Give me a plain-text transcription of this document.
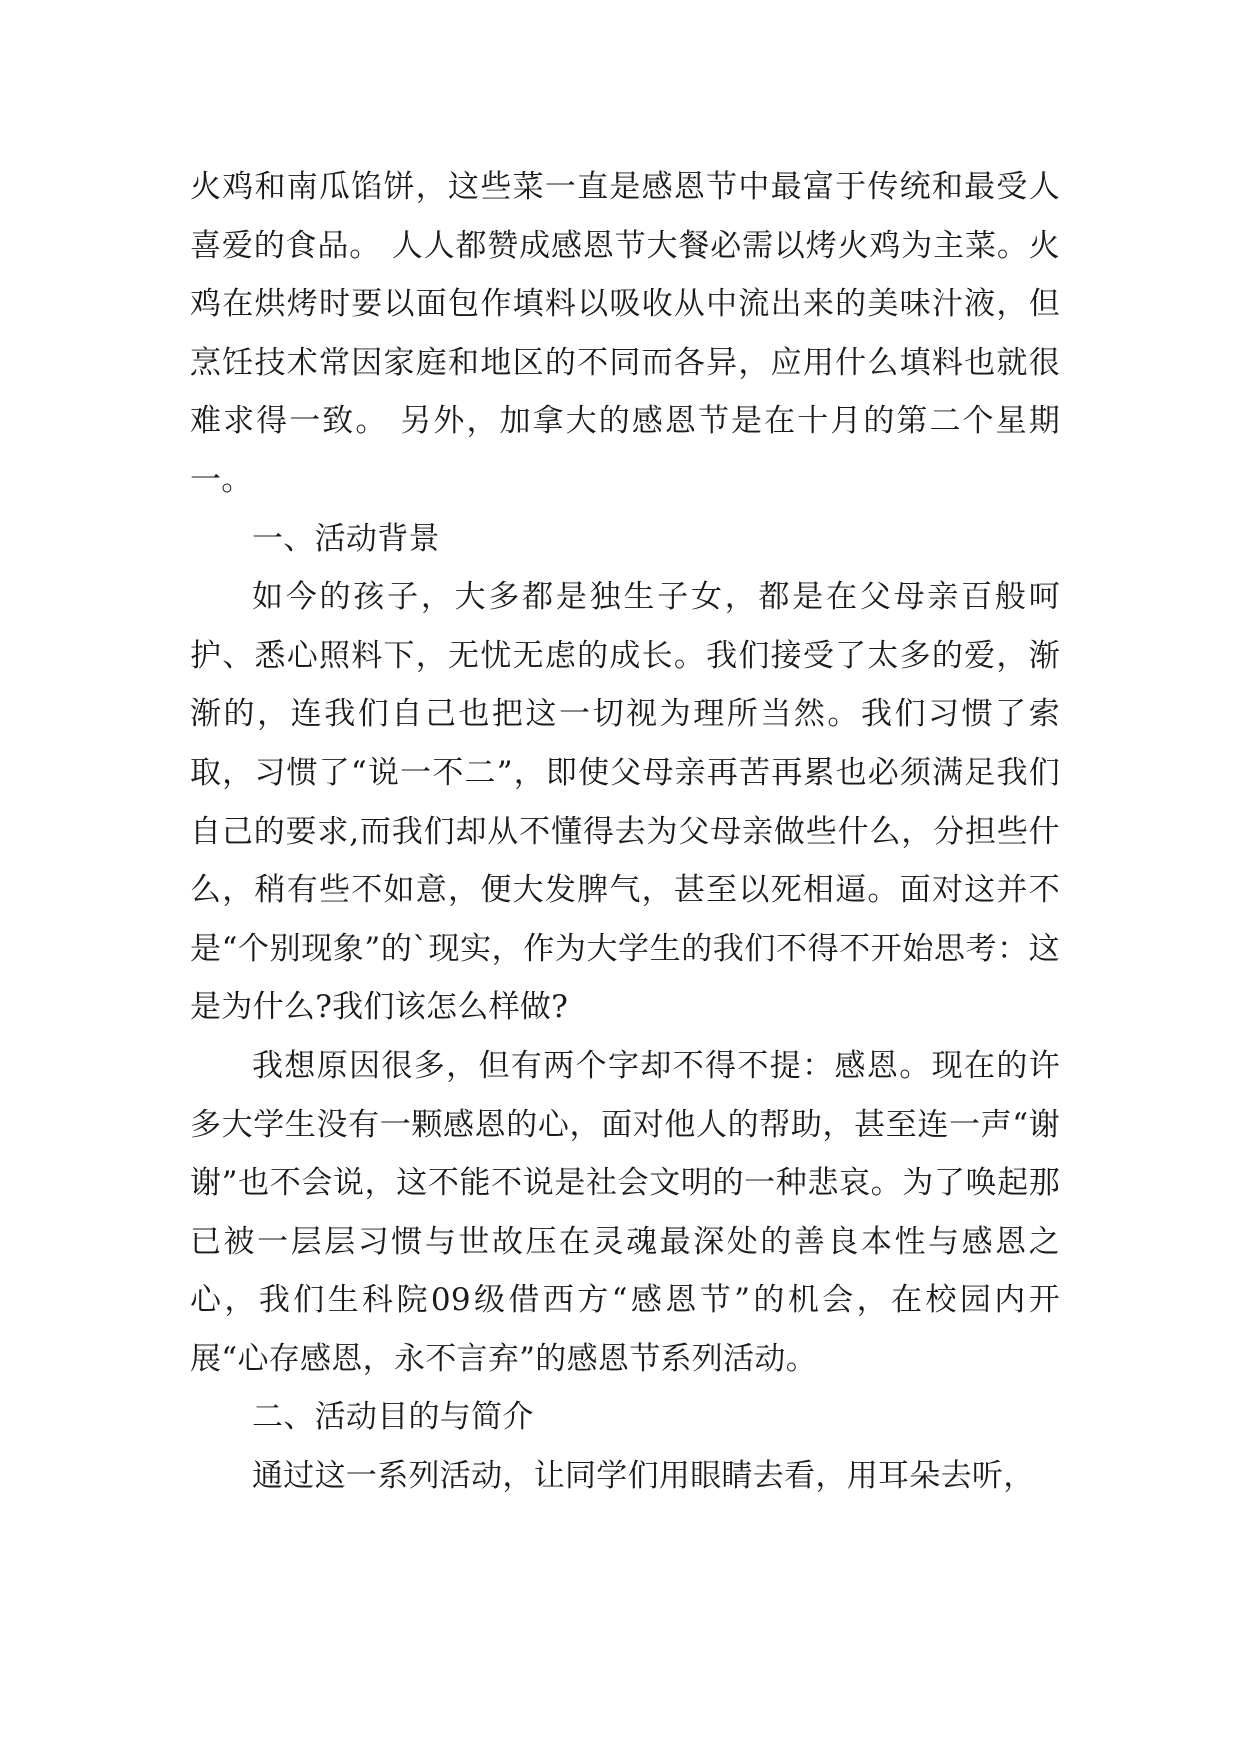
火鸡和南瓜馅饼，这些菜一直是感恩节中最富于传统和最受人喜爱的食品。 人人都赞成感恩节大餐必需以烤火鸡为主菜。火鸡在烘烤时要以面包作填料以吸收从中流出来的美味汁液，但烹饪技术常因家庭和地区的不同而各异，应用什么填料也就很难求得一致。 另外，加拿大的感恩节是在十月的第二个星期一。

一、活动背景

如今的孩子，大多都是独生子女，都是在父母亲百般呵护、悉心照料下，无忧无虑的成长。我们接受了太多的爱，渐渐的，连我们自己也把这一切视为理所当然。我们习惯了索取，习惯了“说一不二”，即使父母亲再苦再累也必须满足我们自己的要求,而我们却从不懂得去为父母亲做些什么，分担些什么，稍有些不如意，便大发脾气，甚至以死相逼。面对这并不是“个别现象”的`现实，作为大学生的我们不得不开始思考：这是为什么?我们该怎么样做?

我想原因很多，但有两个字却不得不提：感恩。现在的许多大学生没有一颗感恩的心，面对他人的帮助，甚至连一声“谢谢”也不会说，这不能不说是社会文明的一种悲哀。为了唤起那已被一层层习惯与世故压在灵魂最深处的善良本性与感恩之心，我们生科院09级借西方“感恩节”的机会，在校园内开展“心存感恩，永不言弃”的感恩节系列活动。

二、活动目的与简介

通过这一系列活动，让同学们用眼睛去看，用耳朵去听，
